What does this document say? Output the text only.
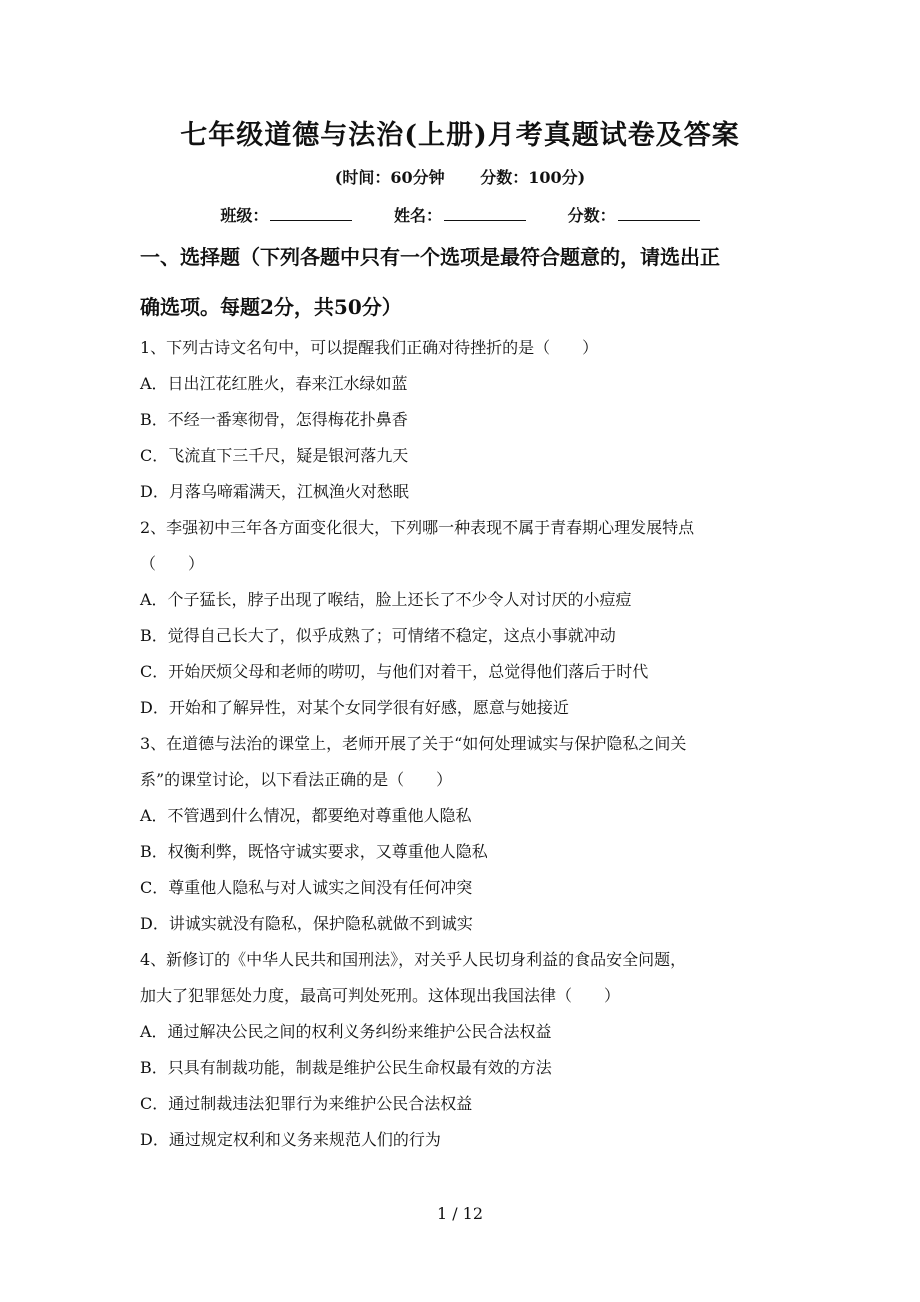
七年级道德与法治(上册)月考真题试卷及答案
(时间：60分钟 分数：100分)
班级：	姓名：	分数：
一、选择题（下列各题中只有一个选项是最符合题意的，请选出正
确选项。每题2分，共50分）
1、下列古诗文名句中，可以提醒我们正确对待挫折的是（　　）
A．日出江花红胜火，春来江水绿如蓝
B．不经一番寒彻骨，怎得梅花扑鼻香
C．飞流直下三千尺，疑是银河落九天
D．月落乌啼霜满天，江枫渔火对愁眠
2、李强初中三年各方面变化很大，下列哪一种表现不属于青春期心理发展特点
（　　）
A．个子猛长，脖子出现了喉结，脸上还长了不少令人对讨厌的小痘痘
B．觉得自己长大了，似乎成熟了；可情绪不稳定，这点小事就冲动
C．开始厌烦父母和老师的唠叨，与他们对着干，总觉得他们落后于时代
D．开始和了解异性，对某个女同学很有好感，愿意与她接近
3、在道德与法治的课堂上，老师开展了关于“如何处理诚实与保护隐私之间关
系”的课堂讨论，以下看法正确的是（　　）
A．不管遇到什么情况，都要绝对尊重他人隐私
B．权衡利弊，既恪守诚实要求，又尊重他人隐私
C．尊重他人隐私与对人诚实之间没有任何冲突
D．讲诚实就没有隐私，保护隐私就做不到诚实
4、新修订的《中华人民共和国刑法》，对关乎人民切身利益的食品安全问题，
加大了犯罪惩处力度，最高可判处死刑。这体现出我国法律（　　）
A．通过解决公民之间的权利义务纠纷来维护公民合法权益
B．只具有制裁功能，制裁是维护公民生命权最有效的方法
C．通过制裁违法犯罪行为来维护公民合法权益
D．通过规定权利和义务来规范人们的行为
1 / 12
